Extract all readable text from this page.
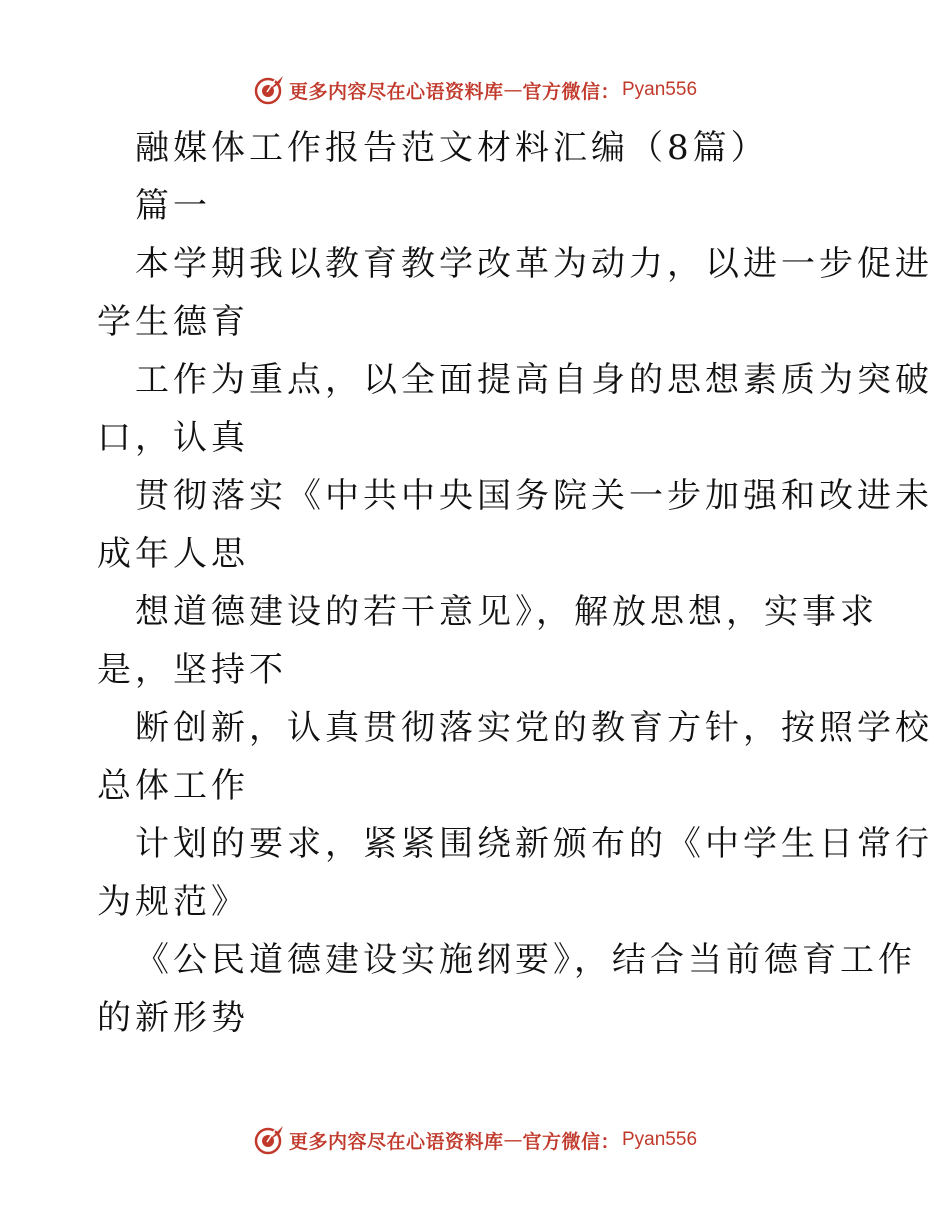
更多内容尽在心语资料库 — 官方微信： Pyan556
融媒体工作报告范文材料汇编（8篇）
篇一
本学期我以教育教学改革为动力，以进一步促进
学生德育
工作为重点，以全面提高自身的思想素质为突破
口，认真
贯彻落实《中共中央国务院关一步加强和改进未
成年人思
想道德建设的若干意见》，解放思想，实事求
是，坚持不
断创新，认真贯彻落实党的教育方针，按照学校
总体工作
计划的要求，紧紧围绕新颁布的《中学生日常行
为规范》
《公民道德建设实施纲要》，结合当前德育工作
的新形势
更多内容尽在心语资料库 — 官方微信： Pyan556
